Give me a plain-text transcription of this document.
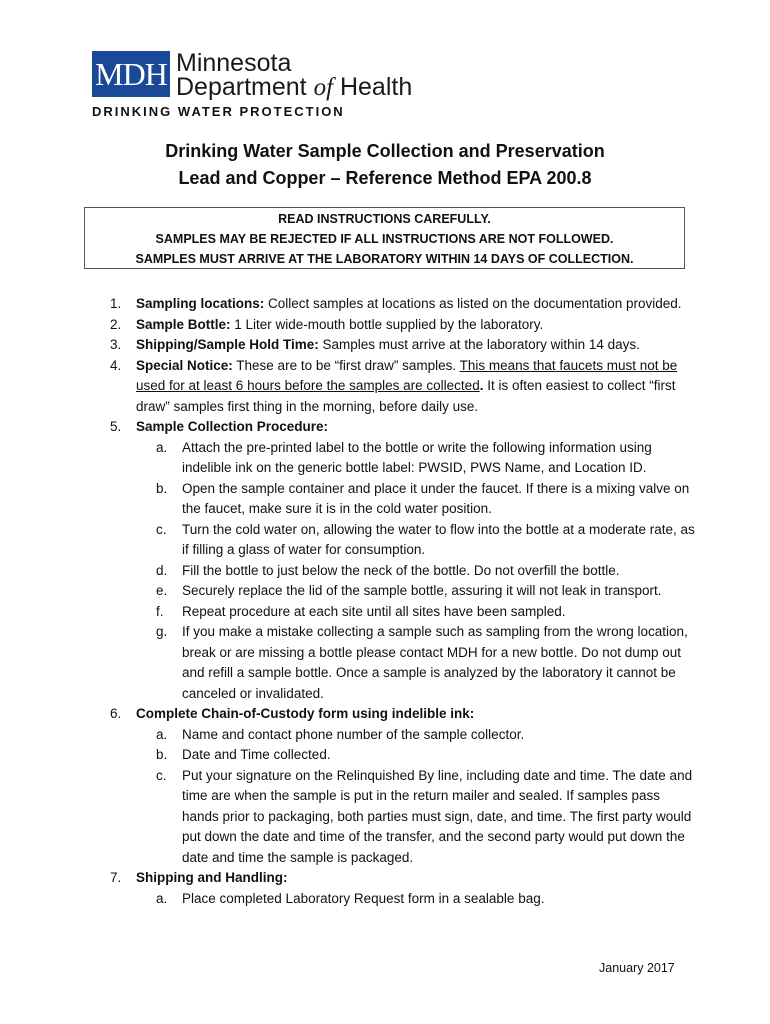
MDH Minnesota
Department of Health
DRINKING WATER PROTECTION
Drinking Water Sample Collection and Preservation
Lead and Copper – Reference Method EPA 200.8
READ INSTRUCTIONS CAREFULLY.
SAMPLES MAY BE REJECTED IF ALL INSTRUCTIONS ARE NOT FOLLOWED.
SAMPLES MUST ARRIVE AT THE LABORATORY WITHIN 14 DAYS OF COLLECTION.
1. Sampling locations: Collect samples at locations as listed on the documentation provided.
2. Sample Bottle: 1 Liter wide-mouth bottle supplied by the laboratory.
3. Shipping/Sample Hold Time: Samples must arrive at the laboratory within 14 days.
4. Special Notice: These are to be “first draw” samples. This means that faucets must not be used for at least 6 hours before the samples are collected. It is often easiest to collect “first draw” samples first thing in the morning, before daily use.
5. Sample Collection Procedure:
a. Attach the pre-printed label to the bottle or write the following information using indelible ink on the generic bottle label: PWSID, PWS Name, and Location ID.
b. Open the sample container and place it under the faucet. If there is a mixing valve on the faucet, make sure it is in the cold water position.
c. Turn the cold water on, allowing the water to flow into the bottle at a moderate rate, as if filling a glass of water for consumption.
d. Fill the bottle to just below the neck of the bottle. Do not overfill the bottle.
e. Securely replace the lid of the sample bottle, assuring it will not leak in transport.
f. Repeat procedure at each site until all sites have been sampled.
g. If you make a mistake collecting a sample such as sampling from the wrong location, break or are missing a bottle please contact MDH for a new bottle. Do not dump out and refill a sample bottle. Once a sample is analyzed by the laboratory it cannot be canceled or invalidated.
6. Complete Chain-of-Custody form using indelible ink:
a. Name and contact phone number of the sample collector.
b. Date and Time collected.
c. Put your signature on the Relinquished By line, including date and time. The date and time are when the sample is put in the return mailer and sealed. If samples pass hands prior to packaging, both parties must sign, date, and time. The first party would put down the date and time of the transfer, and the second party would put down the date and time the sample is packaged.
7. Shipping and Handling:
a. Place completed Laboratory Request form in a sealable bag.
January 2017
